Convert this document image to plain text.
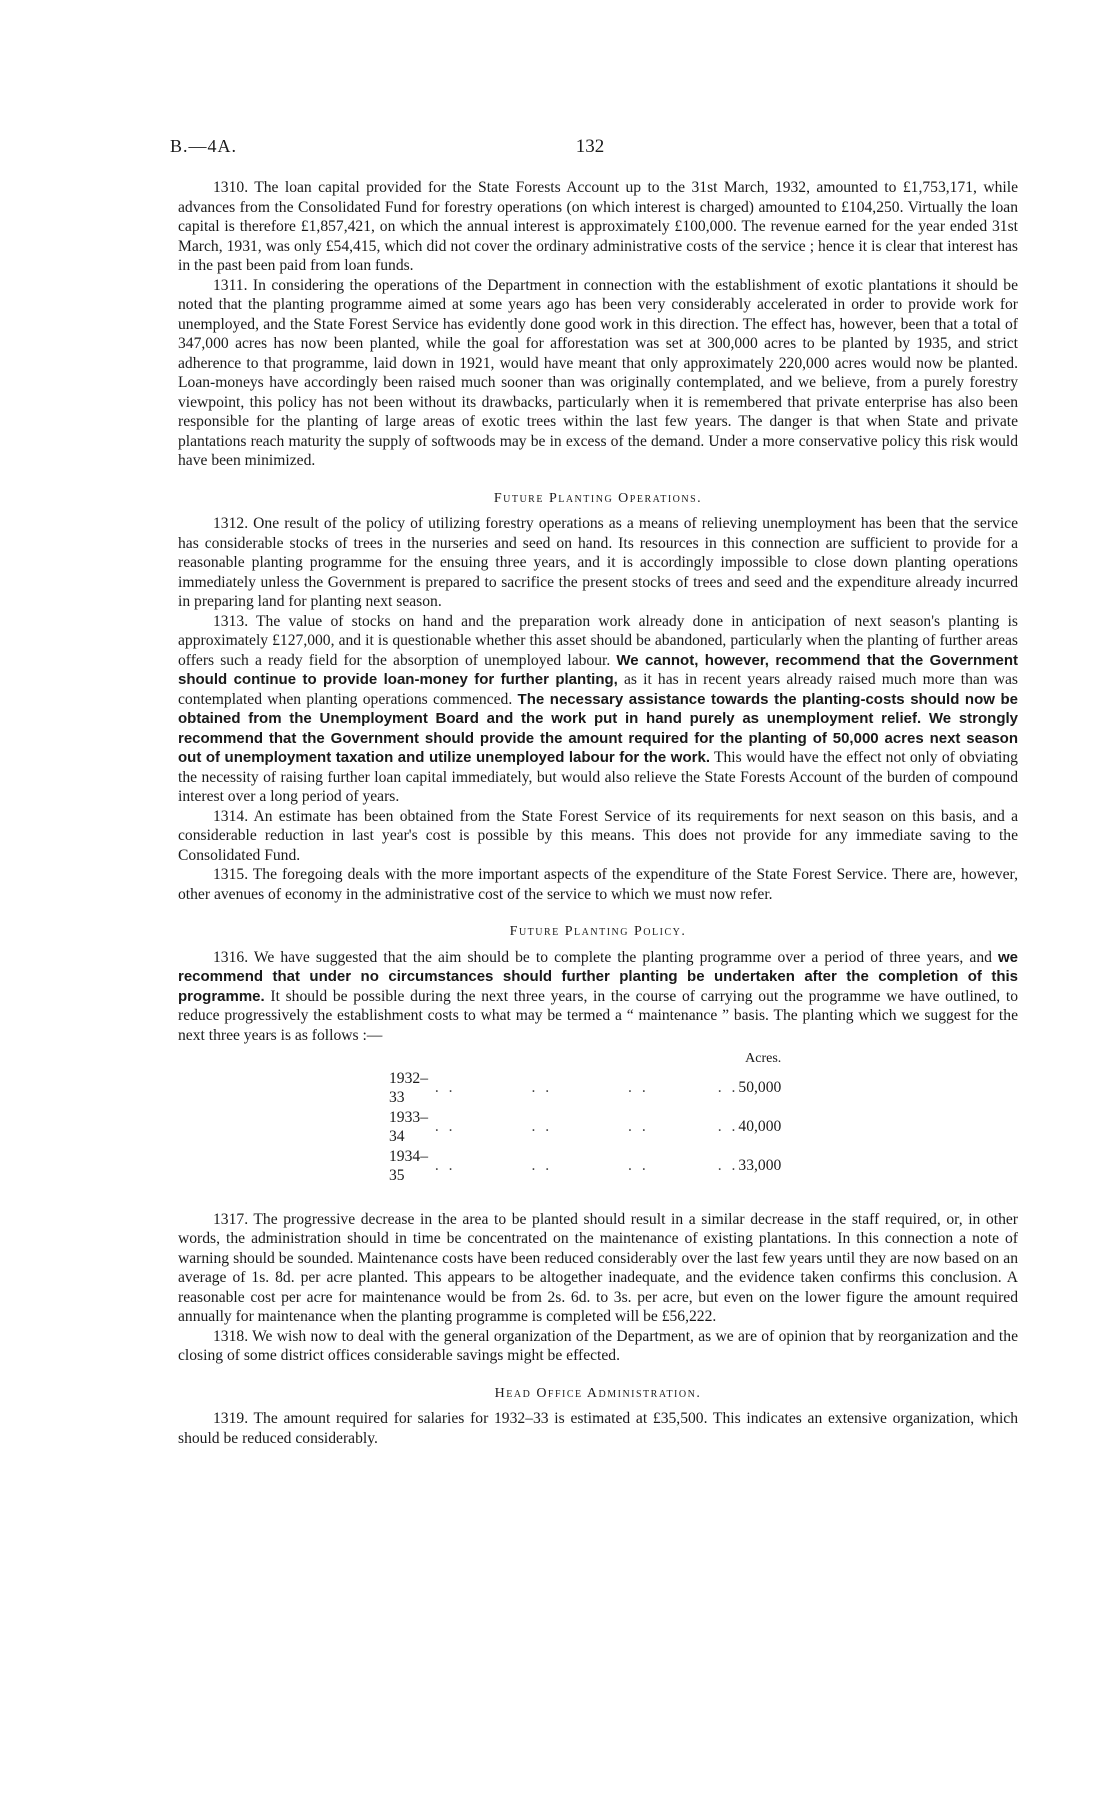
B.—4A.	132

1310. The loan capital provided for the State Forests Account up to the 31st March, 1932, amounted to £1,753,171, while advances from the Consolidated Fund for forestry operations (on which interest is charged) amounted to £104,250. Virtually the loan capital is therefore £1,857,421, on which the annual interest is approximately £100,000. The revenue earned for the year ended 31st March, 1931, was only £54,415, which did not cover the ordinary administrative costs of the service ; hence it is clear that interest has in the past been paid from loan funds.

1311. In considering the operations of the Department in connection with the establishment of exotic plantations it should be noted that the planting programme aimed at some years ago has been very considerably accelerated in order to provide work for unemployed, and the State Forest Service has evidently done good work in this direction. The effect has, however, been that a total of 347,000 acres has now been planted, while the goal for afforestation was set at 300,000 acres to be planted by 1935, and strict adherence to that programme, laid down in 1921, would have meant that only approximately 220,000 acres would now be planted. Loan-moneys have accordingly been raised much sooner than was originally contemplated, and we believe, from a purely forestry viewpoint, this policy has not been without its drawbacks, particularly when it is remembered that private enterprise has also been responsible for the planting of large areas of exotic trees within the last few years. The danger is that when State and private plantations reach maturity the supply of softwoods may be in excess of the demand. Under a more conservative policy this risk would have been minimized.

Future Planting Operations.

1312. One result of the policy of utilizing forestry operations as a means of relieving unemployment has been that the service has considerable stocks of trees in the nurseries and seed on hand. Its resources in this connection are sufficient to provide for a reasonable planting programme for the ensuing three years, and it is accordingly impossible to close down planting operations immediately unless the Government is prepared to sacrifice the present stocks of trees and seed and the expenditure already incurred in preparing land for planting next season.

1313. The value of stocks on hand and the preparation work already done in anticipation of next season's planting is approximately £127,000, and it is questionable whether this asset should be abandoned, particularly when the planting of further areas offers such a ready field for the absorption of unemployed labour. We cannot, however, recommend that the Government should continue to provide loan-money for further planting, as it has in recent years already raised much more than was contemplated when planting operations commenced. The necessary assistance towards the planting-costs should now be obtained from the Unemployment Board and the work put in hand purely as unemployment relief. We strongly recommend that the Government should provide the amount required for the planting of 50,000 acres next season out of unemployment taxation and utilize unemployed labour for the work. This would have the effect not only of obviating the necessity of raising further loan capital immediately, but would also relieve the State Forests Account of the burden of compound interest over a long period of years.

1314. An estimate has been obtained from the State Forest Service of its requirements for next season on this basis, and a considerable reduction in last year's cost is possible by this means. This does not provide for any immediate saving to the Consolidated Fund.

1315. The foregoing deals with the more important aspects of the expenditure of the State Forest Service. There are, however, other avenues of economy in the administrative cost of the service to which we must now refer.

Future Planting Policy.

1316. We have suggested that the aim should be to complete the planting programme over a period of three years, and we recommend that under no circumstances should further planting be undertaken after the completion of this programme. It should be possible during the next three years, in the course of carrying out the programme we have outlined, to reduce progressively the establishment costs to what may be termed a “ maintenance ” basis. The planting which we suggest for the next three years is as follows :—

		Acres.
1932–33	. .           . .           . .          . .	50,000
1933–34	. .           . .           . .          . .	40,000
1934–35	. .           . .           . .          . .	33,000

1317. The progressive decrease in the area to be planted should result in a similar decrease in the staff required, or, in other words, the administration should in time be concentrated on the maintenance of existing plantations. In this connection a note of warning should be sounded. Maintenance costs have been reduced considerably over the last few years until they are now based on an average of 1s. 8d. per acre planted. This appears to be altogether inadequate, and the evidence taken confirms this conclusion. A reasonable cost per acre for maintenance would be from 2s. 6d. to 3s. per acre, but even on the lower figure the amount required annually for maintenance when the planting programme is completed will be £56,222.

1318. We wish now to deal with the general organization of the Department, as we are of opinion that by reorganization and the closing of some district offices considerable savings might be effected.

Head Office Administration.

1319. The amount required for salaries for 1932–33 is estimated at £35,500. This indicates an extensive organization, which should be reduced considerably.
